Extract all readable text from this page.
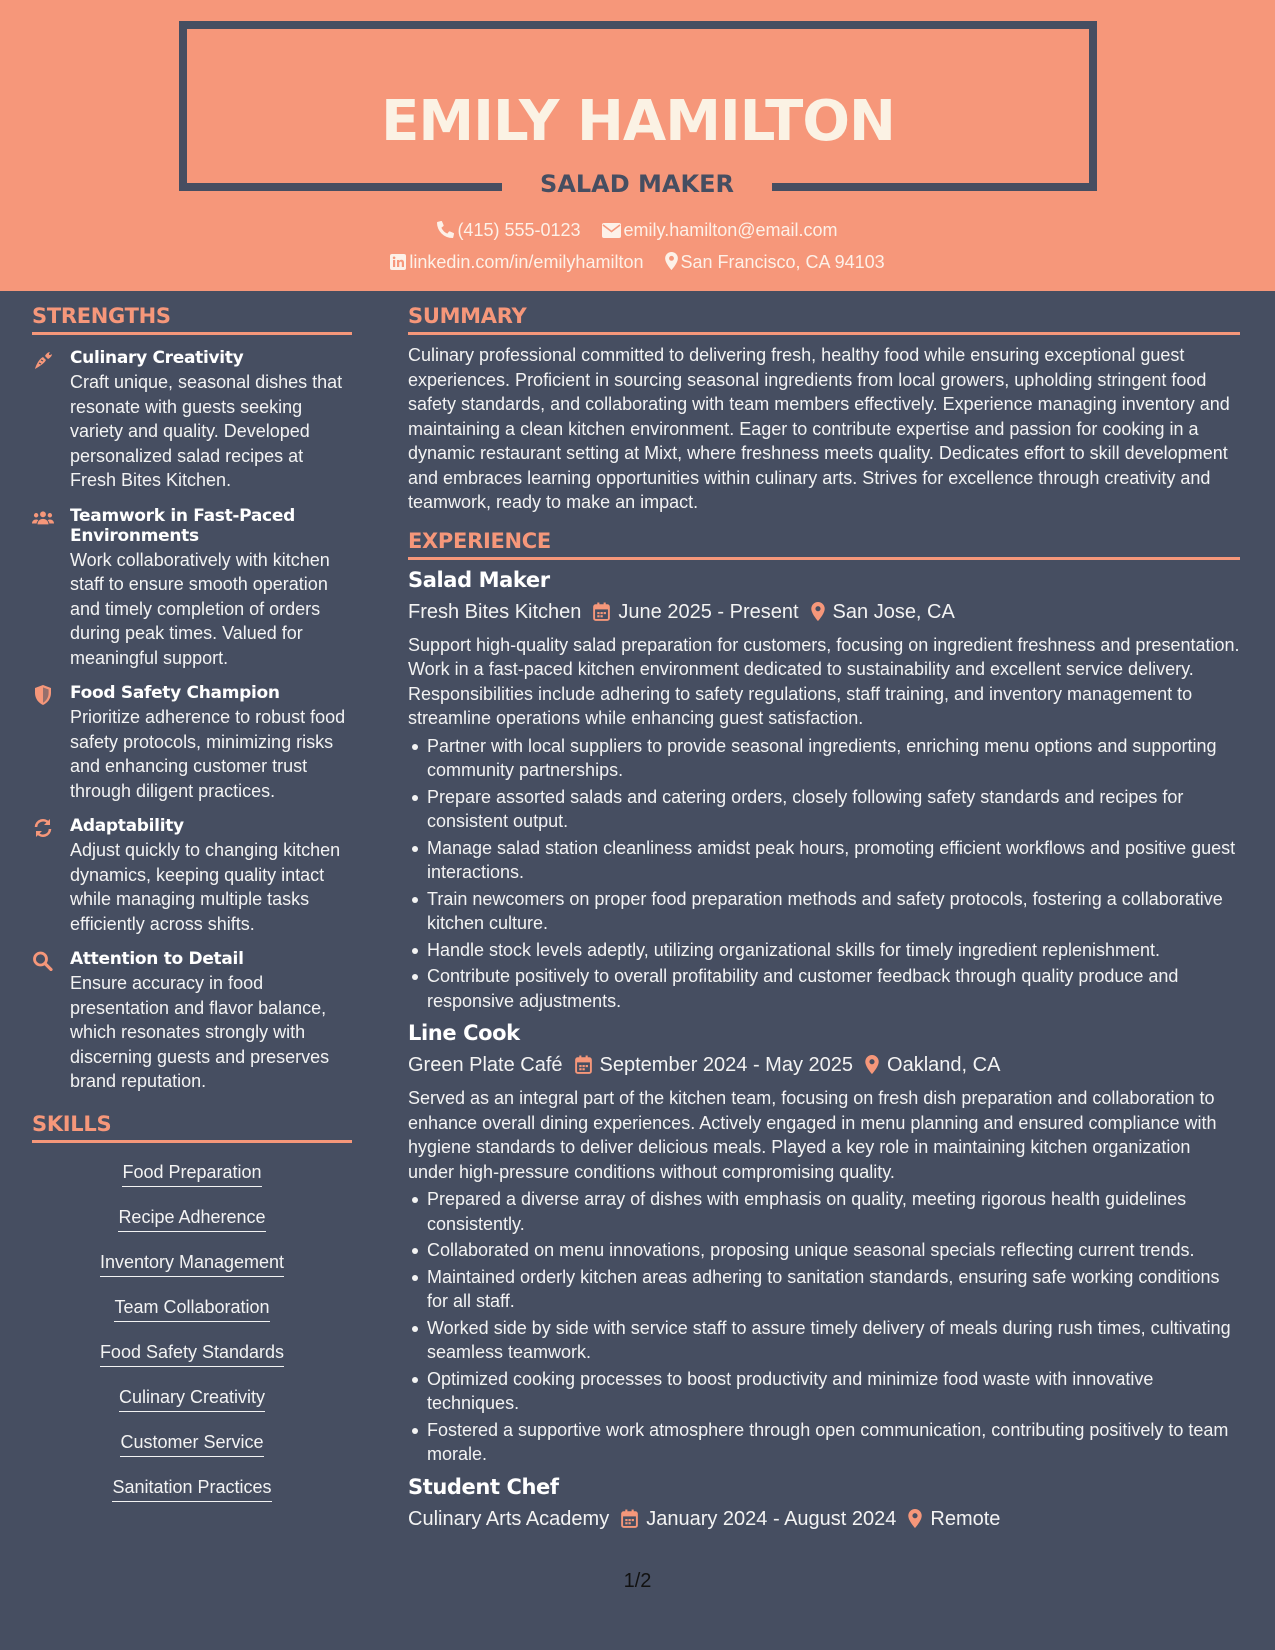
EMILY HAMILTON
SALAD MAKER
(415) 555-0123 emily.hamilton@email.com
linkedin.com/in/emilyhamilton San Francisco, CA 94103
STRENGTHS
Culinary Creativity
Craft unique, seasonal dishes that resonate with guests seeking variety and quality. Developed personalized salad recipes at Fresh Bites Kitchen.
Teamwork in Fast-Paced Environments
Work collaboratively with kitchen staff to ensure smooth operation and timely completion of orders during peak times. Valued for meaningful support.
Food Safety Champion
Prioritize adherence to robust food safety protocols, minimizing risks and enhancing customer trust through diligent practices.
Adaptability
Adjust quickly to changing kitchen dynamics, keeping quality intact while managing multiple tasks efficiently across shifts.
Attention to Detail
Ensure accuracy in food presentation and flavor balance, which resonates strongly with discerning guests and preserves brand reputation.
SKILLS
Food Preparation
Recipe Adherence
Inventory Management
Team Collaboration
Food Safety Standards
Culinary Creativity
Customer Service
Sanitation Practices
SUMMARY
Culinary professional committed to delivering fresh, healthy food while ensuring exceptional guest experiences. Proficient in sourcing seasonal ingredients from local growers, upholding stringent food safety standards, and collaborating with team members effectively. Experience managing inventory and maintaining a clean kitchen environment. Eager to contribute expertise and passion for cooking in a dynamic restaurant setting at Mixt, where freshness meets quality. Dedicates effort to skill development and embraces learning opportunities within culinary arts. Strives for excellence through creativity and teamwork, ready to make an impact.
EXPERIENCE
Salad Maker
Fresh Bites Kitchen June 2025 - Present San Jose, CA
Support high-quality salad preparation for customers, focusing on ingredient freshness and presentation. Work in a fast-paced kitchen environment dedicated to sustainability and excellent service delivery. Responsibilities include adhering to safety regulations, staff training, and inventory management to streamline operations while enhancing guest satisfaction.
Partner with local suppliers to provide seasonal ingredients, enriching menu options and supporting community partnerships.
Prepare assorted salads and catering orders, closely following safety standards and recipes for consistent output.
Manage salad station cleanliness amidst peak hours, promoting efficient workflows and positive guest interactions.
Train newcomers on proper food preparation methods and safety protocols, fostering a collaborative kitchen culture.
Handle stock levels adeptly, utilizing organizational skills for timely ingredient replenishment.
Contribute positively to overall profitability and customer feedback through quality produce and responsive adjustments.
Line Cook
Green Plate Café September 2024 - May 2025 Oakland, CA
Served as an integral part of the kitchen team, focusing on fresh dish preparation and collaboration to enhance overall dining experiences. Actively engaged in menu planning and ensured compliance with hygiene standards to deliver delicious meals. Played a key role in maintaining kitchen organization under high-pressure conditions without compromising quality.
Prepared a diverse array of dishes with emphasis on quality, meeting rigorous health guidelines consistently.
Collaborated on menu innovations, proposing unique seasonal specials reflecting current trends.
Maintained orderly kitchen areas adhering to sanitation standards, ensuring safe working conditions for all staff.
Worked side by side with service staff to assure timely delivery of meals during rush times, cultivating seamless teamwork.
Optimized cooking processes to boost productivity and minimize food waste with innovative techniques.
Fostered a supportive work atmosphere through open communication, contributing positively to team morale.
Student Chef
Culinary Arts Academy January 2024 - August 2024 Remote
1/2
